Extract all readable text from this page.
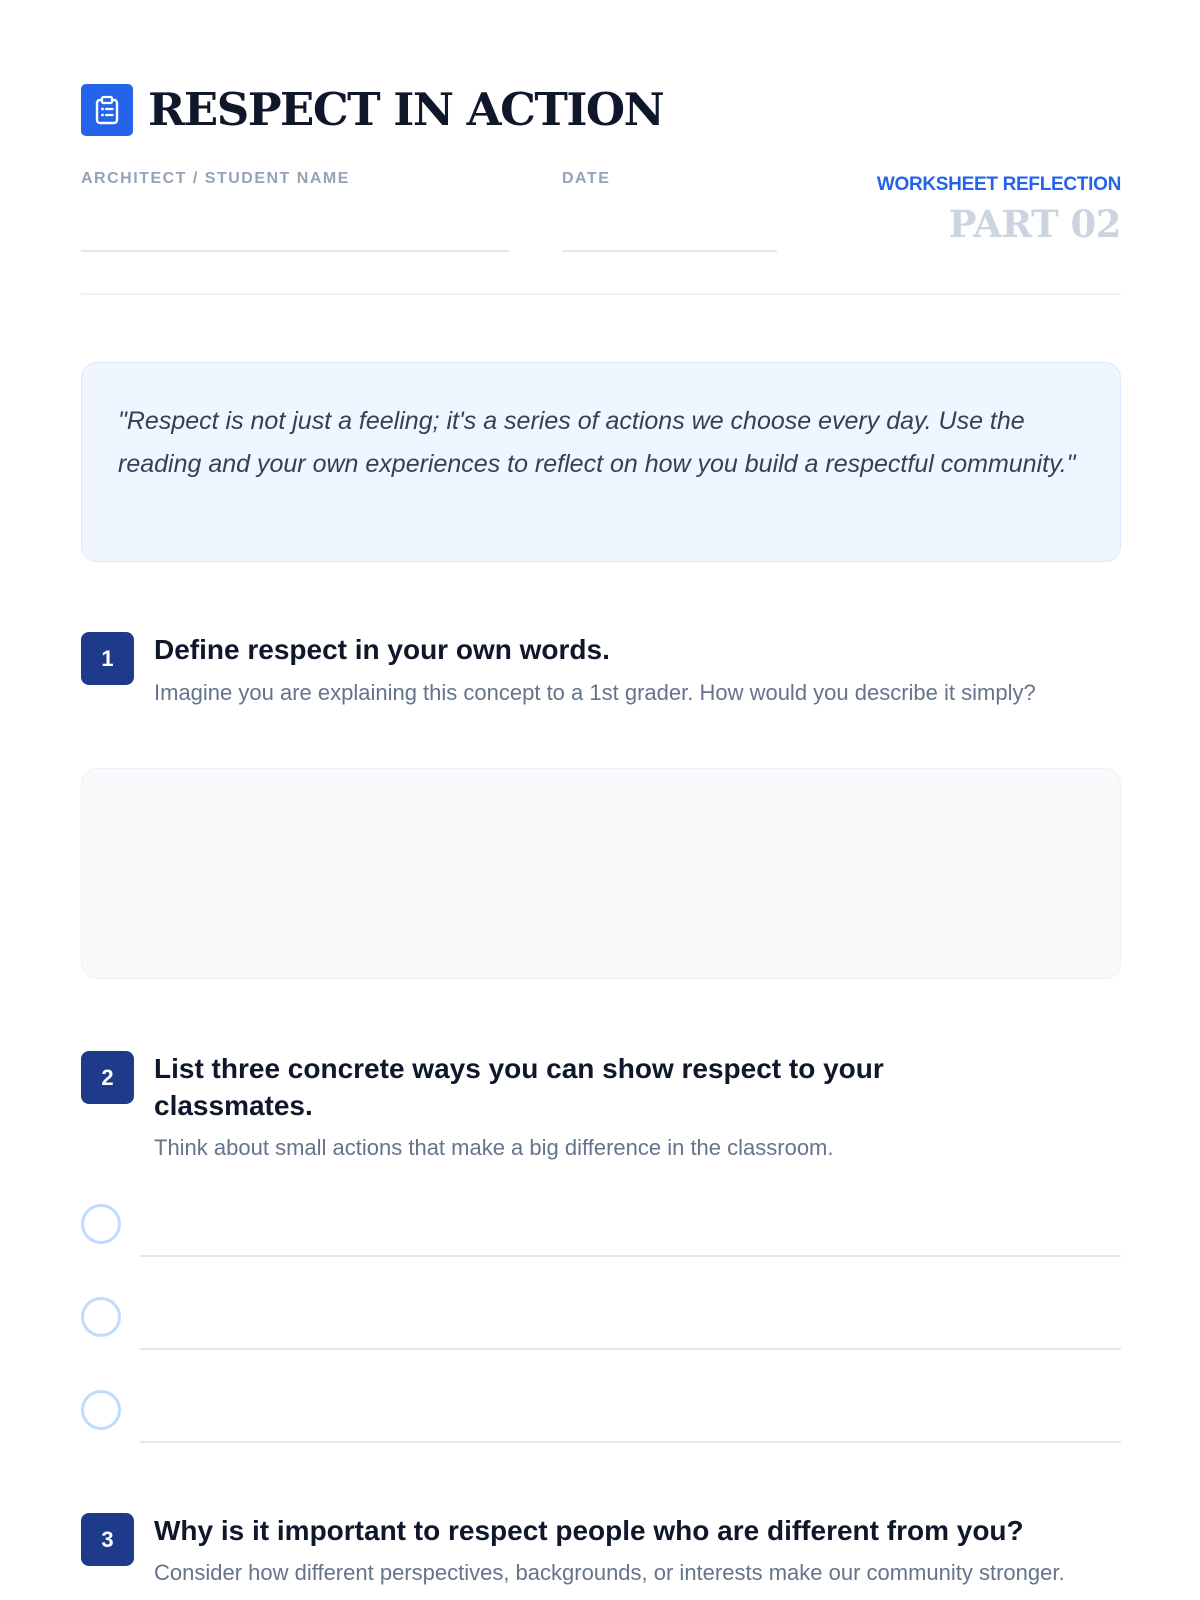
RESPECT IN ACTION
ARCHITECT / STUDENT NAME	DATE	WORKSHEET REFLECTION
PART 02

"Respect is not just a feeling; it's a series of actions we choose every day. Use the reading and your own experiences to reflect on how you build a respectful community."

1	Define respect in your own words.
Imagine you are explaining this concept to a 1st grader. How would you describe it simply?
2	List three concrete ways you can show respect to your classmates.
Think about small actions that make a big difference in the classroom.
3	Why is it important to respect people who are different from you?
Consider how different perspectives, backgrounds, or interests make our community stronger.
